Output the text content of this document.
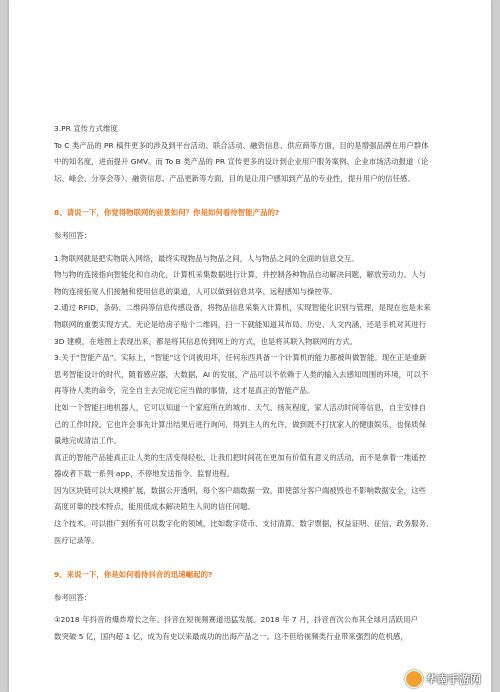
3.PR 宣传方式维度

To C 类产品的 PR 稿件更多的涉及到平台活动、联合活动、融资信息、供应商等方面，目的是增强品牌在用户群体

中的知名度，进而提升 GMV。而 To B 类产品的 PR 宣传更多的设计到企业用户服务案例、企业市场活动报道（论

坛、峰会、分享会等）、融资信息、产品更新等方面，目的是让用户感知到产品的专业性，提升用户的信任感。

8、请说一下，你觉得物联网的前景如何？你是如何看待智能产品的?

参考回答：

1.物联网就是把实物联入网络，最终实现物品与物品之间，人与物品之间的全面的信息交互。

物与物的连接指向智能化和自动化，计算机采集数据进行计算，并控制各种物品自动解决问题，解放劳动力。人与

物的连接拓宽人们接触和使用信息的渠道，人可以做到信息共享、远程感知与操控等。

2.通过 RFID、条码、二维码等信息传感设备，将物品信息采集入计算机，实现智能化识别与管理，是现在也是未来

物联网的重要实现方式。无论是给房子贴个二维码，扫一下就能知道其布局、历史、人文内涵，还是手机对其进行

3D 建模，在地图上表现出来，都是将其信息传到网上的方式，也是将其联入物联网的方式。

3.关于“智能产品”。实际上，“智能”这个词被用坏，任何东西具备一个计算机的能力都被叫做智能。现在正是重新

思考智能设计的时代，随着感应器，大数据，AI 的发展，产品可以不依赖于人类的输入去感知周围的环境，可以不

再等待人类的命令，完全自主去完成它应当做的事情，这才是真正的智能产品。

比如一个智能扫地机器人，它可以知道一个家庭所在的城市、天气、扬灰程度，家人活动时间等信息，自主安排自

己的工作时段。它也许会事先计算出结果后进行询问，得到主人的允许，做到既不打扰家人的健康娱乐，也保质保

量地完成清洁工作。

真正的智能产品能真正让人类的生活变得轻松，让我们把时间花在更加有价值有意义的活动，而不是拿着一堆遥控

器或者下载一系列 app，不停地发送指令、监督进程。

因为区块链可以大规模扩展，数据公开透明，每个客户端数据一致，即使部分客户端被毁也不影响数据安全，这些

高度可靠的技术特点，能用低成本解决陌生人间的信任问题。

这个技术，可以推广到所有可以数字化的领域，比如数字货币、支付清算、数字票据，权益证明、征信、政务服务、

医疗记录等。

9、来说一下，你是如何看待抖音的迅速崛起的?

参考回答：

①2018 年抖音的爆炸增长之年。抖音在短视频赛道迅猛发展。2018 年 7 月，抖音首次公布其全球月活跃用户

数突破 5 亿，国内超 1 亿，成为有史以来最成功的出海产品之一。这不但给视频类行业带来强烈的危机感，

华南手游网
